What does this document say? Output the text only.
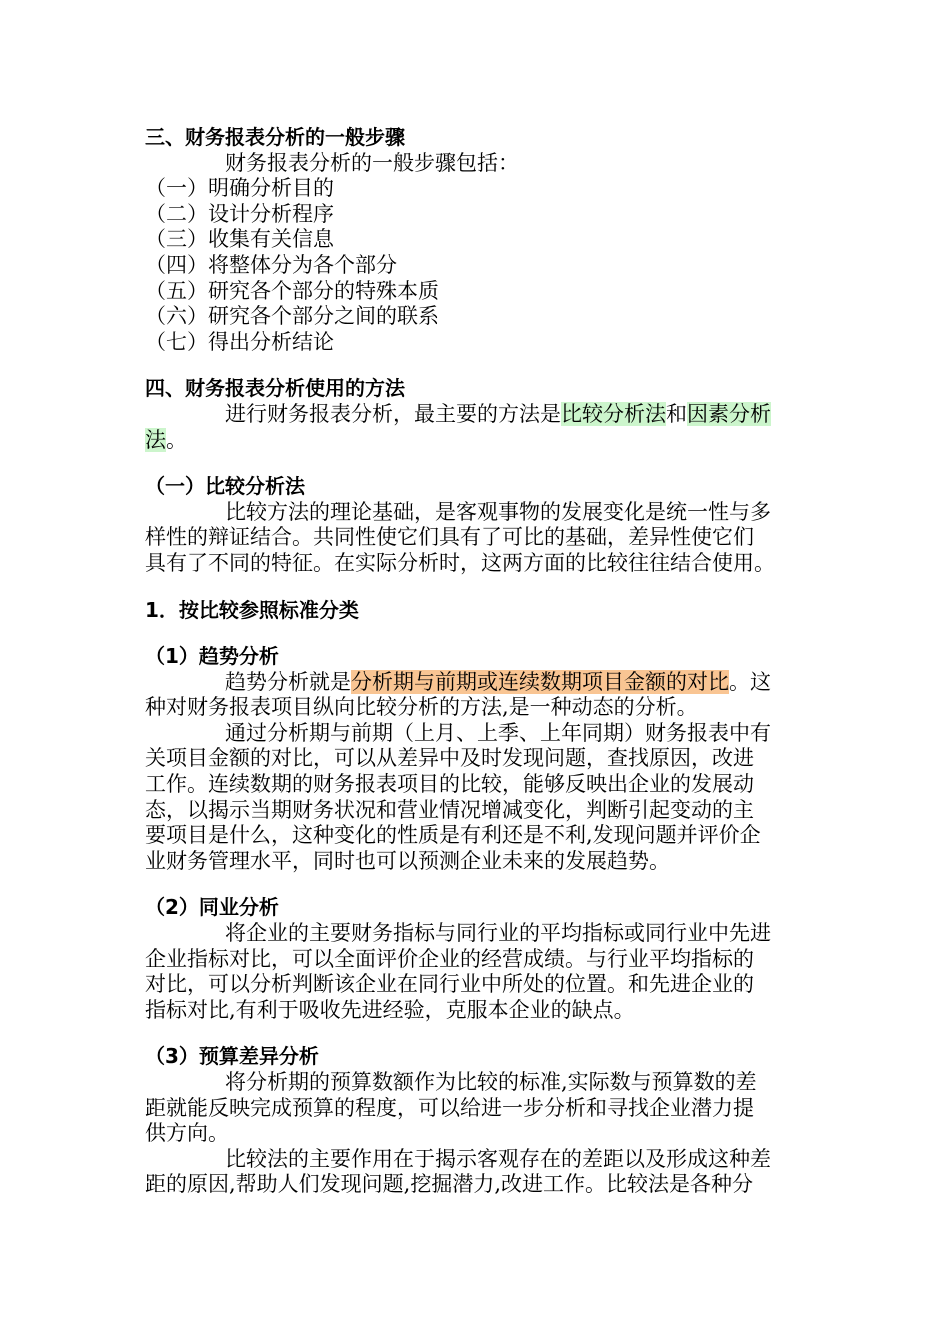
三、财务报表分析的一般步骤
财务报表分析的一般步骤包括：
（一）明确分析目的
（二）设计分析程序
（三）收集有关信息
（四）将整体分为各个部分
（五）研究各个部分的特殊本质
（六）研究各个部分之间的联系
（七）得出分析结论
四、财务报表分析使用的方法
进行财务报表分析，最主要的方法是比较分析法和因素分析
法。
（一）比较分析法
比较方法的理论基础，是客观事物的发展变化是统一性与多
样性的辩证结合。共同性使它们具有了可比的基础，差异性使它们
具有了不同的特征。在实际分析时，这两方面的比较往往结合使用。
1．按比较参照标准分类
（1）趋势分析
趋势分析就是分析期与前期或连续数期项目金额的对比。这
种对财务报表项目纵向比较分析的方法,是一种动态的分析。
通过分析期与前期（上月、上季、上年同期）财务报表中有
关项目金额的对比，可以从差异中及时发现问题，查找原因，改进
工作。连续数期的财务报表项目的比较，能够反映出企业的发展动
态，以揭示当期财务状况和营业情况增减变化，判断引起变动的主
要项目是什么，这种变化的性质是有利还是不利,发现问题并评价企
业财务管理水平，同时也可以预测企业未来的发展趋势。
（2）同业分析
将企业的主要财务指标与同行业的平均指标或同行业中先进
企业指标对比，可以全面评价企业的经营成绩。与行业平均指标的
对比，可以分析判断该企业在同行业中所处的位置。和先进企业的
指标对比,有利于吸收先进经验，克服本企业的缺点。
（3）预算差异分析
将分析期的预算数额作为比较的标准,实际数与预算数的差
距就能反映完成预算的程度，可以给进一步分析和寻找企业潜力提
供方向。
比较法的主要作用在于揭示客观存在的差距以及形成这种差
距的原因,帮助人们发现问题,挖掘潜力,改进工作。比较法是各种分
